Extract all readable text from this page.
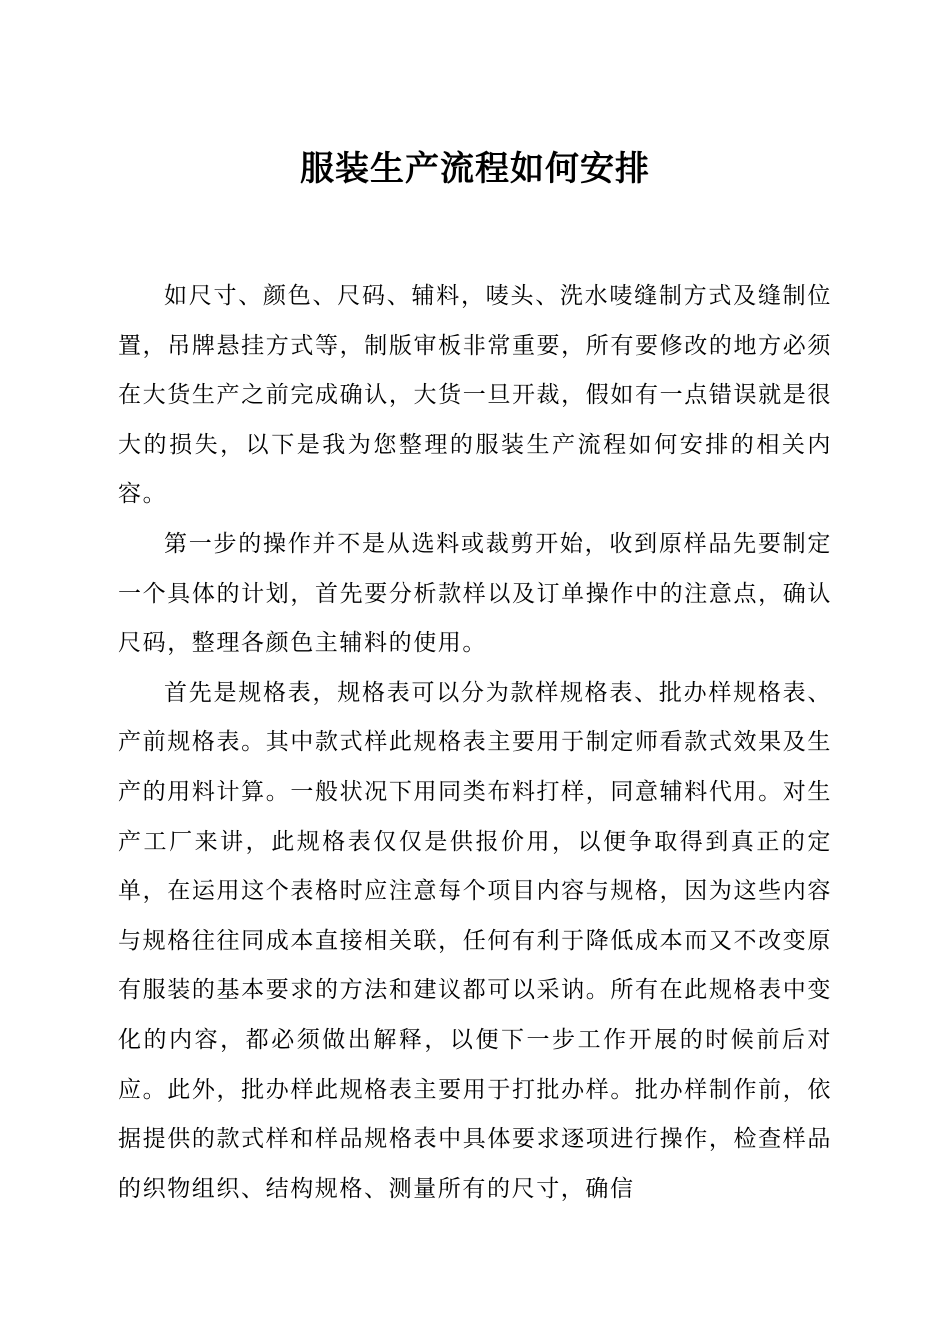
服装生产流程如何安排

如尺寸、颜色、尺码、辅料，唛头、洗水唛缝制方式及缝制位置，吊牌悬挂方式等，制版审板非常重要，所有要修改的地方必须在大货生产之前完成确认，大货一旦开裁，假如有一点错误就是很大的损失，以下是我为您整理的服装生产流程如何安排的相关内容。

第一步的操作并不是从选料或裁剪开始，收到原样品先要制定一个具体的计划，首先要分析款样以及订单操作中的注意点，确认尺码，整理各颜色主辅料的使用。

首先是规格表，规格表可以分为款样规格表、批办样规格表、产前规格表。其中款式样此规格表主要用于制定师看款式效果及生产的用料计算。一般状况下用同类布料打样，同意辅料代用。对生产工厂来讲，此规格表仅仅是供报价用，以便争取得到真正的定单，在运用这个表格时应注意每个项目内容与规格，因为这些内容与规格往往同成本直接相关联，任何有利于降低成本而又不改变原有服装的基本要求的方法和建议都可以采讷。所有在此规格表中变化的内容，都必须做出解释，以便下一步工作开展的时候前后对应。此外，批办样此规格表主要用于打批办样。批办样制作前，依据提供的款式样和样品规格表中具体要求逐项进行操作，检查样品的织物组织、结构规格、测量所有的尺寸，确信
